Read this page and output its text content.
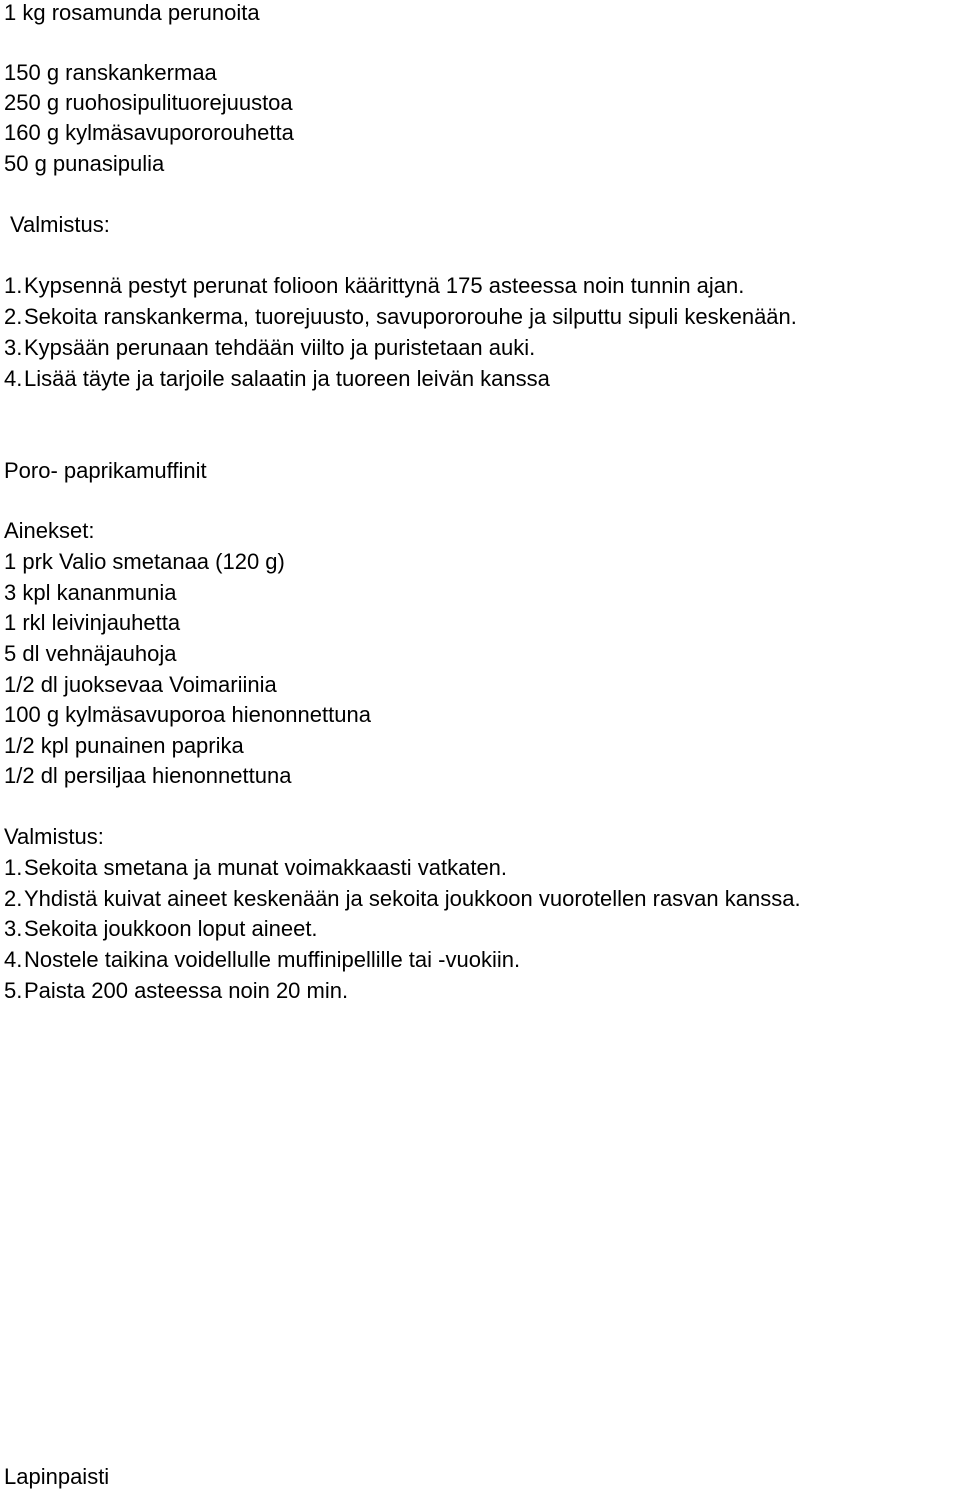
1 kg rosamunda perunoita
150 g ranskankermaa
250 g ruohosipulituorejuustoa
160 g kylmäsavupororouhetta
50 g punasipulia
Valmistus:
1.Kypsennä pestyt perunat folioon käärittynä 175 asteessa noin tunnin ajan.
2.Sekoita ranskankerma, tuorejuusto, savupororouhe ja silputtu sipuli keskenään.
3.Kypsään perunaan tehdään viilto ja puristetaan auki.
4.Lisää täyte ja tarjoile salaatin ja tuoreen leivän kanssa
Poro- paprikamuffinit
Ainekset:
1 prk Valio smetanaa (120 g)
3 kpl kananmunia
1 rkl leivinjauhetta
5 dl vehnäjauhoja
1/2 dl juoksevaa Voimariinia
100 g kylmäsavuporoa hienonnettuna
1/2 kpl punainen paprika
1/2 dl persiljaa hienonnettuna
Valmistus:
1.Sekoita smetana ja munat voimakkaasti vatkaten.
2.Yhdistä kuivat aineet keskenään ja sekoita joukkoon vuorotellen rasvan kanssa.
3.Sekoita joukkoon loput aineet.
4.Nostele taikina voidellulle muffinipellille tai -vuokiin.
5.Paista 200 asteessa noin 20 min.
Lapinpaisti
